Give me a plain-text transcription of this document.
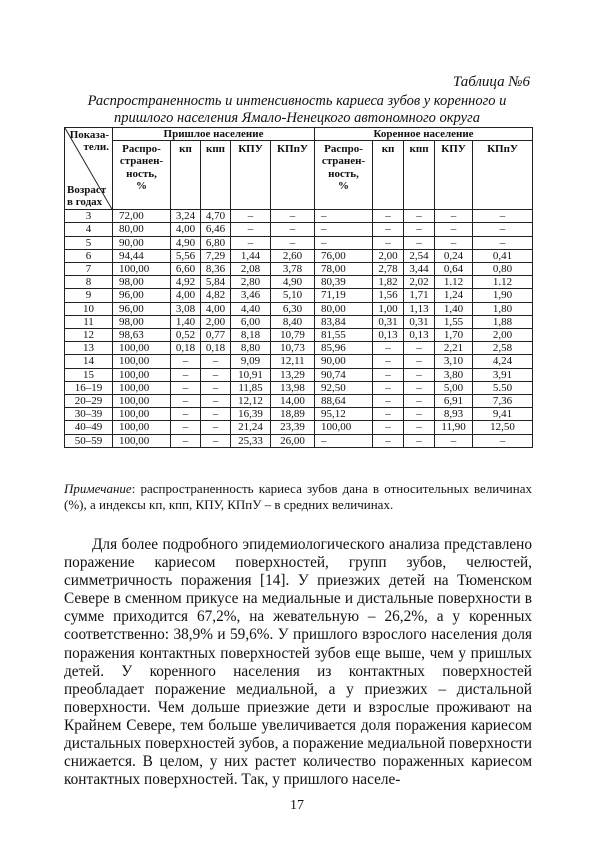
Таблица №6
Распространенность и интенсивность кариеса зубов у коренного и пришлого населения Ямало-Ненецкого автономного округа
Показа-
тели.
Возраст
в годах	Пришлое население					Коренное население				
	Распро-
странен-
ность,
%	кп	кпп	КПУ	КПпУ	Распро-
странен-
ность,
%	кп	кпп	КПУ	КПпУ
3	72,00	3,24	4,70	–	–	–	–	–	–	–
4	80,00	4,00	6,46	–	–	–	–	–	–	–
5	90,00	4,90	6,80	–	–	–	–	–	–	–
6	94,44	5,56	7,29	1,44	2,60	76,00	2,00	2,54	0,24	0,41
7	100,00	6,60	8,36	2,08	3,78	78,00	2,78	3,44	0,64	0,80
8	98,00	4,92	5,84	2,80	4,90	80,39	1,82	2,02	1.12	1.12
9	96,00	4,00	4,82	3,46	5,10	71,19	1,56	1,71	1,24	1,90
10	96,00	3,08	4,00	4,40	6,30	80,00	1,00	1,13	1,40	1,80
11	98,00	1,40	2,00	6,00	8,40	83,84	0,31	0,31	1,55	1,88
12	98,63	0,52	0,77	8,18	10,79	81,55	0,13	0,13	1,70	2,00
13	100,00	0,18	0,18	8,80	10,73	85,96	–	–	2,21	2,58
14	100,00	–	–	9,09	12,11	90,00	–	–	3,10	4,24
15	100,00	–	–	10,91	13,29	90,74	–	–	3,80	3,91
16–19	100,00	–	–	11,85	13,98	92,50	–	–	5,00	5.50
20–29	100,00	–	–	12,12	14,00	88,64	–	–	6,91	7,36
30–39	100,00	–	–	16,39	18,89	95,12	–	–	8,93	9,41
40–49	100,00	–	–	21,24	23,39	100,00	–	–	11,90	12,50
50–59	100,00	–	–	25,33	26,00	–	–	–	–	–
Примечание: распространенность кариеса зубов дана в относительных величинах (%), а индексы кп, кпп, КПУ, КПпУ – в средних величинах.

Для более подробного эпидемиологического анализа представлено поражение кариесом поверхностей, групп зубов, челюстей, симметричность поражения [14]. У приезжих детей на Тюменском Севере в сменном прикусе на медиальные и дистальные поверхности в сумме приходится 67,2%, на жевательную – 26,2%, а у коренных соответственно: 38,9% и 59,6%. У пришлого взрослого населения доля поражения контактных поверхностей зубов еще выше, чем у пришлых детей. У коренного населения из контактных поверхностей преобладает поражение медиальной, а у приезжих – дистальной поверхности. Чем дольше приезжие дети и взрослые проживают на Крайнем Севере, тем больше увеличивается доля поражения кариесом дистальных поверхностей зубов, а поражение медиальной поверхности снижается. В целом, у них растет количество пораженных кариесом контактных поверхностей. Так, у пришлого населе-

17
